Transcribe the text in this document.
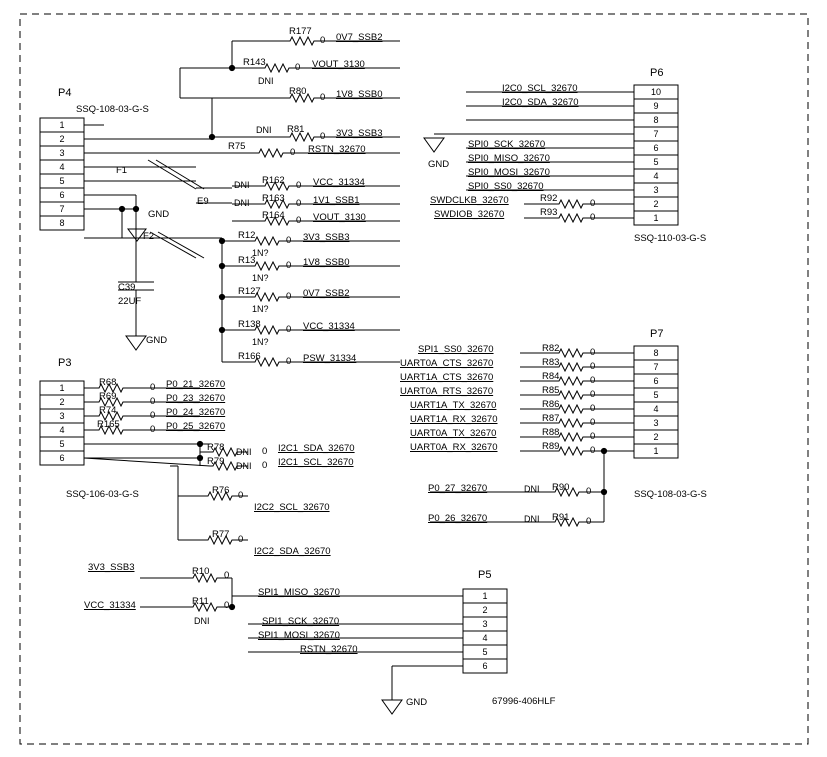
P4
SSQ-108-03-G-S
1
2
3
4
5
6
7
8
P3
SSQ-106-03-G-S
1
2
3
4
5
6
P6
SSQ-110-03-G-S
10
9
8
7
6
5
4
3
2
1
P7
SSQ-108-03-G-S
8
7
6
5
4
3
2
1
P5
67996-406HLF
1
2
3
4
5
6
R177
0 0V7_SSB2
R143	0 VOUT_3130
DNI
R80
0 1V8_SSB0
DNI R81
0 3V3_SSB3
R75
0 RSTN_32670
DNI R162 0 VCC_31334
DNI R163 0 1V1_SSB1
R164 0 VOUT_3130
R12	0 3V3_SSB3
1N?
R13	0 1V8_SSB0
1N?
R127	0 0V7_SSB2
1N?
R138	0 VCC_31334
1N?
R166	0 PSW_31334
F1
F2
E9
GND
C39
22UF
GND
R68	0 P0_21_32670
R69	0 P0_23_32670
R74	0 P0_24_32670
R165	0 P0_25_32670
R78 DNI 0 I2C1_SDA_32670
R79 DNI 0 I2C1_SCL_32670
R76 0
I2C2_SCL_32670
R77 0
I2C2_SDA_32670
I2C0_SCL_32670
I2C0_SDA_32670
GND
SPI0_SCK_32670
SPI0_MISO_32670
SPI0_MOSI_32670
SPI0_SS0_32670
SWDCLKB_32670	R92	0
SWDIOB_32670	R93	0
SPI1_SS0_32670	R82	0
UART0A_CTS_32670	R83	0
UART1A_CTS_32670	R84	0
UART0A_RTS_32670	R85	0
UART1A_TX_32670	R86	0
UART1A_RX_32670	R87	0
UART0A_TX_32670	R88	0
UART0A_RX_32670	R89	0
P0_27_32670	DNI R90 0
P0_26_32670	DNI R91 0
3V3_SSB3	R10 0
VCC_31334	R11 0
DNI
SPI1_MISO_32670
SPI1_SCK_32670
SPI1_MOSI_32670
RSTN_32670
GND
